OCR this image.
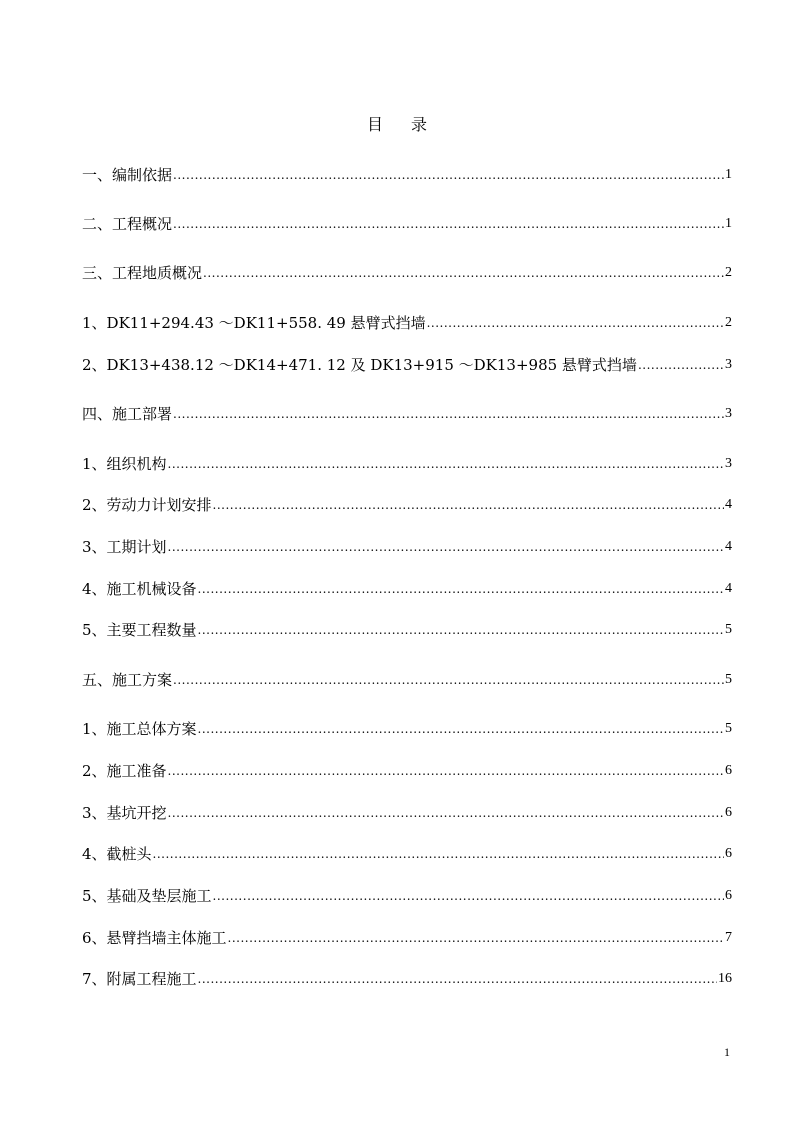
目 录
一、编制依据 .....	1
二、工程概况 .....	1
三、工程地质概况 .....	2
1、DK11+294.43 ～DK11+558. 49 悬臂式挡墙 .....	2
2、DK13+438.12 ～DK14+471. 12 及 DK13+915 ～DK13+985 悬臂式挡墙 .....	3
四、施工部署 .....	3
1、组织机构 .....	3
2、劳动力计划安排 .....	4
3、工期计划 .....	4
4、施工机械设备 .....	4
5、主要工程数量 .....	5
五、施工方案 .....	5
1、施工总体方案 .....	5
2、施工准备 .....	6
3、基坑开挖 .....	6
4、截桩头 .....	6
5、基础及垫层施工 .....	6
6、悬臂挡墙主体施工 .....	7
7、附属工程施工 .....	16
1
